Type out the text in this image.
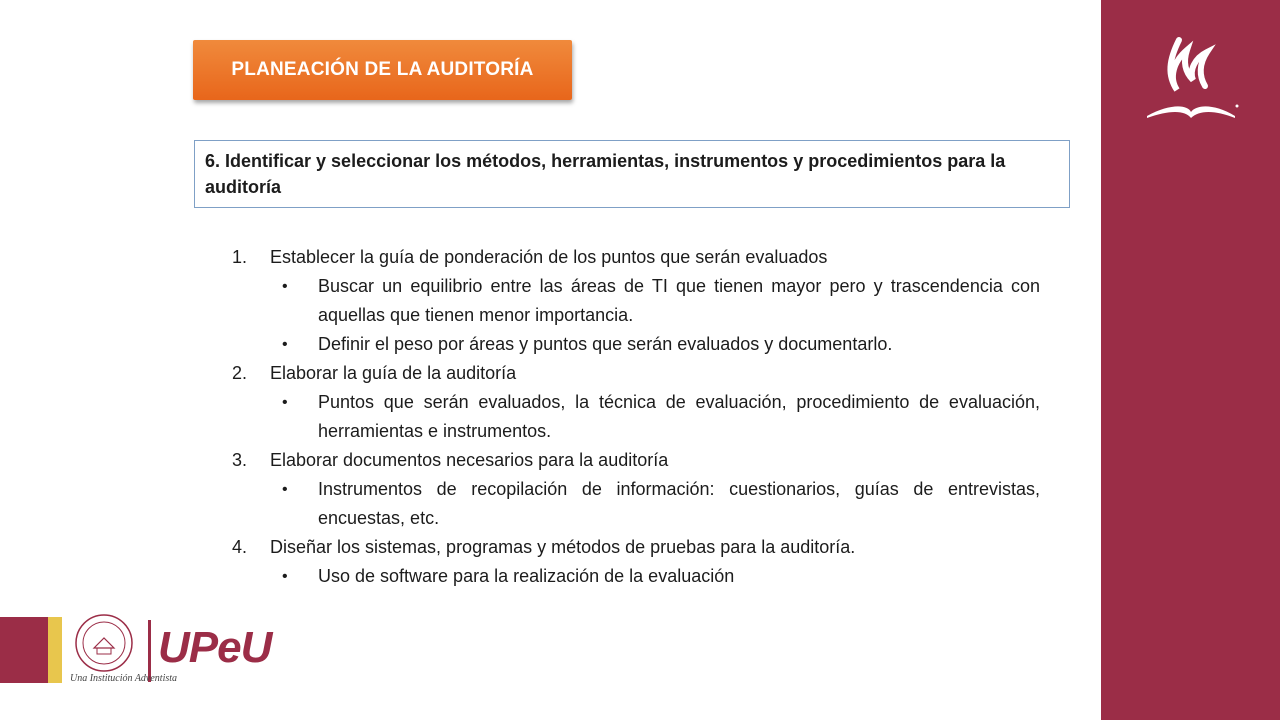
PLANEACIÓN DE LA AUDITORÍA
6. Identificar y seleccionar los métodos, herramientas, instrumentos y procedimientos para la auditoría
1.	Establecer la guía de ponderación de los puntos que serán evaluados
•	Buscar un equilibrio entre las áreas de TI que tienen mayor pero y trascendencia con aquellas que tienen menor importancia.
•	Definir el peso por áreas y puntos que serán evaluados y documentarlo.
2.	Elaborar la guía de la auditoría
•	Puntos que serán evaluados, la técnica de evaluación, procedimiento de evaluación, herramientas e instrumentos.
3.	Elaborar documentos necesarios para la auditoría
•	Instrumentos de recopilación de información: cuestionarios, guías de entrevistas, encuestas, etc.
4.	Diseñar los sistemas, programas y métodos de pruebas para la auditoría.
•	Uso de software para la realización de la evaluación
UPeU
Una Institución Adventista
